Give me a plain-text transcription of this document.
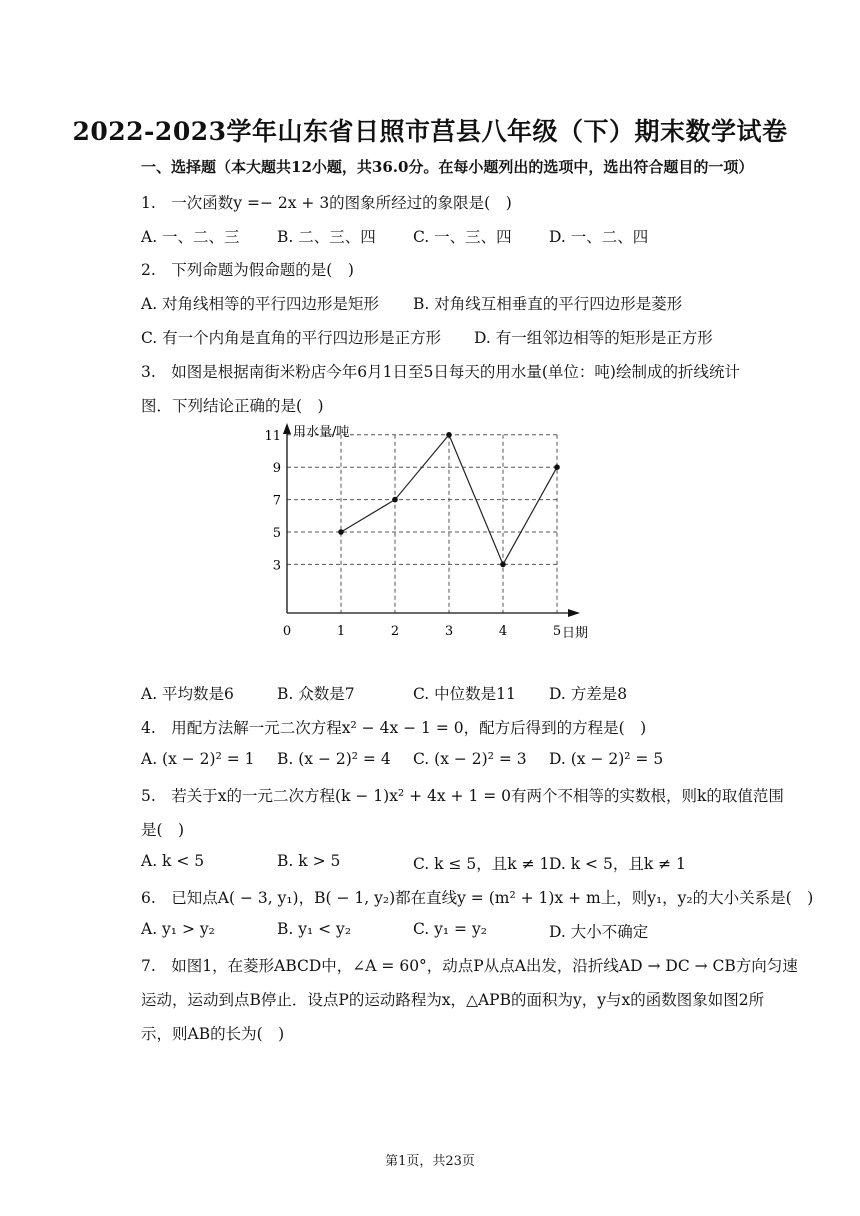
2022-2023学年山东省日照市莒县八年级（下）期末数学试卷
一、选择题（本大题共12小题，共36.0分。在每小题列出的选项中，选出符合题目的一项）
1.　一次函数y =− 2x + 3的图象所经过的象限是(　)
A. 一、二、三 B. 二、三、四 C. 一、三、四 D. 一、二、四
2.　下列命题为假命题的是(　)
A. 对角线相等的平行四边形是矩形 B. 对角线互相垂直的平行四边形是菱形
C. 有一个内角是直角的平行四边形是正方形 D. 有一组邻边相等的矩形是正方形
3.　如图是根据南街米粉店今年6月1日至5日每天的用水量(单位：吨)绘制成的折线统计
图．下列结论正确的是(　)
3
5
7
9
11
0	1	2	3	4	5
用水量/吨
日期
A. 平均数是6	B. 众数是7	C. 中位数是11 D. 方差是8
4.　用配方法解一元二次方程x² − 4x − 1 = 0，配方后得到的方程是(　)
A. (x − 2)² = 1 B. (x − 2)² = 4 C. (x − 2)² = 3 D. (x − 2)² = 5
5.　若关于x的一元二次方程(k − 1)x² + 4x + 1 = 0有两个不相等的实数根，则k的取值范围
是(　)
A. k < 5	B. k > 5	C. k ≤ 5，且k ≠ 1 D. k < 5，且k ≠ 1
6.　已知点A( − 3, y₁)，B( − 1, y₂)都在直线y = (m² + 1)x + m上，则y₁，y₂的大小关系是(　)
A. y₁ > y₂	B. y₁ < y₂	C. y₁ = y₂	D. 大小不确定
7.　如图1，在菱形ABCD中，∠A = 60°，动点P从点A出发，沿折线AD → DC → CB方向匀速
运动，运动到点B停止．设点P的运动路程为x，△APB的面积为y，y与x的函数图象如图2所
示，则AB的长为(　)
第1页，共23页
